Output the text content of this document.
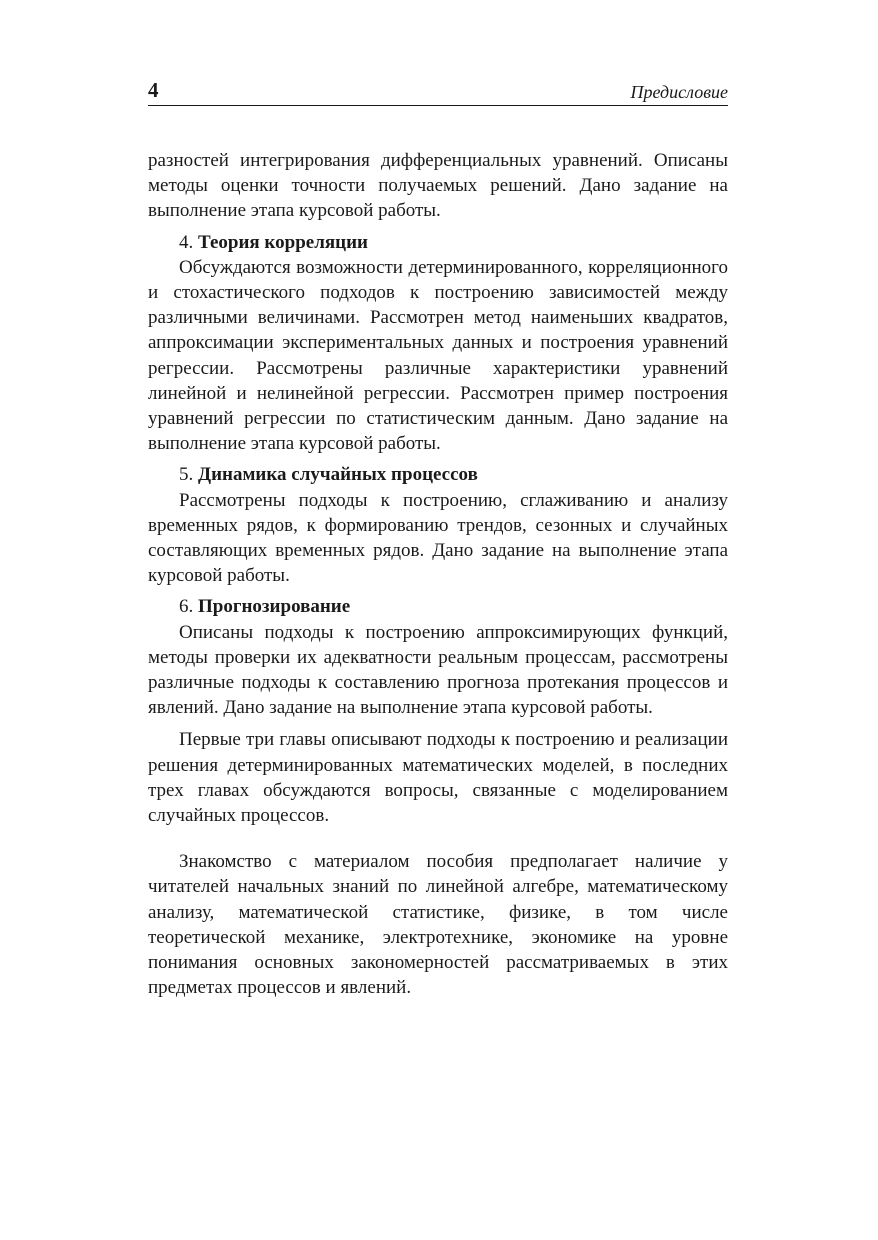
4	Предисловие

разностей интегрирования дифференциальных уравнений. Описаны методы оценки точности получаемых решений. Дано задание на выполнение этапа курсовой работы.

4. Теория корреляции

Обсуждаются возможности детерминированного, корреляционного и стохастического подходов к построению зависимостей между различными величинами. Рассмотрен метод наименьших квадратов, аппроксимации экспериментальных данных и построения уравнений регрессии. Рассмотрены различные характеристики уравнений линейной и нелинейной регрессии. Рассмотрен пример построения уравнений регрессии по статистическим данным. Дано задание на выполнение этапа курсовой работы.

5. Динамика случайных процессов

Рассмотрены подходы к построению, сглаживанию и анализу временных рядов, к формированию трендов, сезонных и случайных составляющих временных рядов. Дано задание на выполнение этапа курсовой работы.

6. Прогнозирование

Описаны подходы к построению аппроксимирующих функций, методы проверки их адекватности реальным процессам, рассмотрены различные подходы к составлению прогноза протекания процессов и явлений. Дано задание на выполнение этапа курсовой работы.

Первые три главы описывают подходы к построению и реализации решения детерминированных математических моделей, в последних трех главах обсуждаются вопросы, связанные с моделированием случайных процессов.

Знакомство с материалом пособия предполагает наличие у читателей начальных знаний по линейной алгебре, математическому анализу, математической статистике, физике, в том числе теоретической механике, электротехнике, экономике на уровне понимания основных закономерностей рассматриваемых в этих предметах процессов и явлений.
